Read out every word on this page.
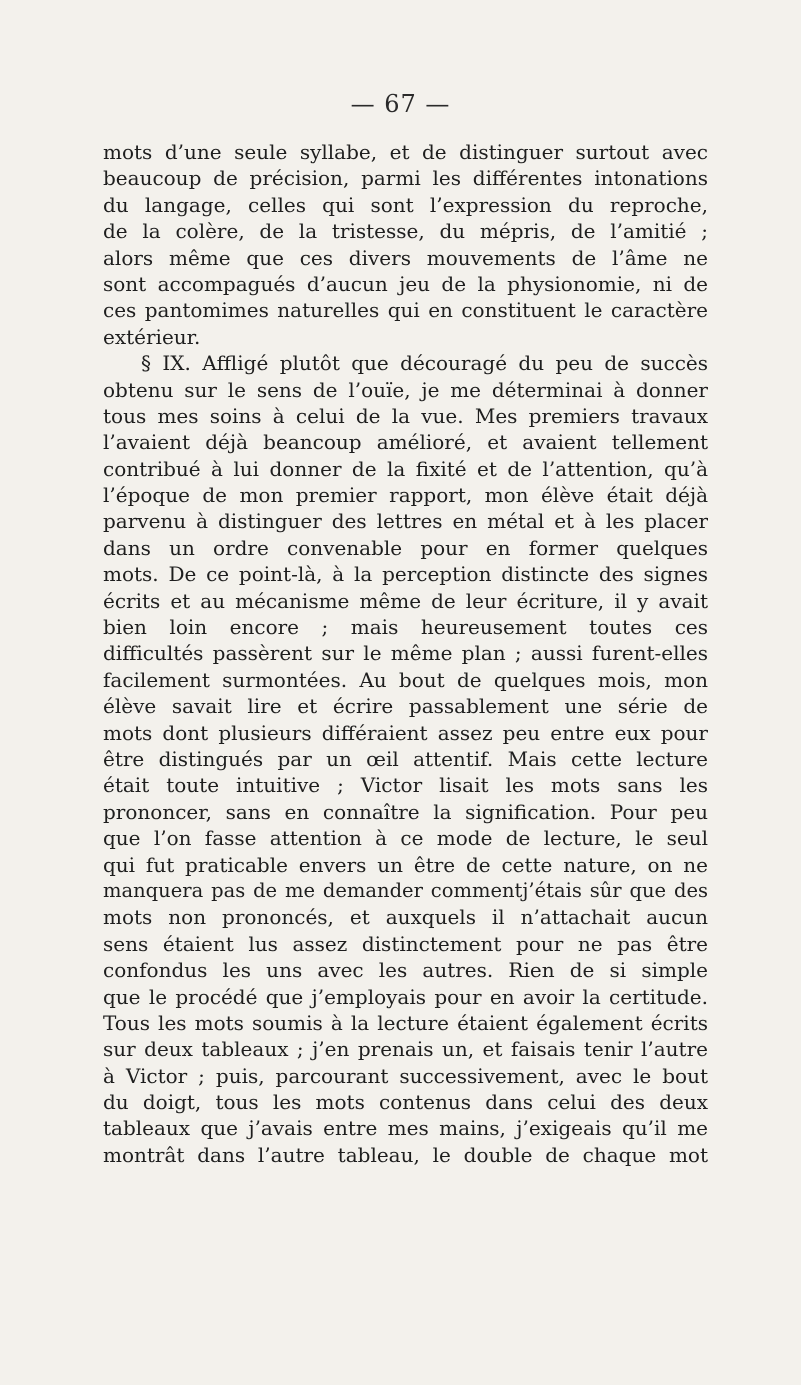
— 67 —

mots d’une seule syllabe, et de distinguer surtout avec
beaucoup de précision, parmi les différentes intonations
du langage, celles qui sont l’expression du reproche,
de la colère, de la tristesse, du mépris, de l’amitié ;
alors même que ces divers mouvements de l’âme ne
sont accompagués d’aucun jeu de la physionomie, ni de
ces pantomimes naturelles qui en constituent le caractère
extérieur.

§ IX. Affligé plutôt que découragé du peu de succès
obtenu sur le sens de l’ouïe, je me déterminai à donner
tous mes soins à celui de la vue. Mes premiers travaux
l’avaient déjà beancoup amélioré, et avaient tellement
contribué à lui donner de la fixité et de l’attention, qu’à
l’époque de mon premier rapport, mon élève était déjà
parvenu à distinguer des lettres en métal et à les placer
dans un ordre convenable pour en former quelques
mots. De ce point-là, à la perception distincte des signes
écrits et au mécanisme même de leur écriture, il y avait
bien loin encore ; mais heureusement toutes ces
difficultés passèrent sur le même plan ; aussi furent-elles
facilement surmontées. Au bout de quelques mois, mon
élève savait lire et écrire passablement une série de
mots dont plusieurs différaient assez peu entre eux pour
être distingués par un œil attentif. Mais cette lecture
était toute intuitive ; Victor lisait les mots sans les
prononcer, sans en connaître la signification. Pour peu
que l’on fasse attention à ce mode de lecture, le seul
qui fut praticable envers un être de cette nature, on ne
manquera pas de me demander commentj’étais sûr que des
mots non prononcés, et auxquels il n’attachait aucun
sens étaient lus assez distinctement pour ne pas être
confondus les uns avec les autres. Rien de si simple
que le procédé que j’employais pour en avoir la certitude.
Tous les mots soumis à la lecture étaient également écrits
sur deux tableaux ; j’en prenais un, et faisais tenir l’autre
à Victor ; puis, parcourant successivement, avec le bout
du doigt, tous les mots contenus dans celui des deux
tableaux que j’avais entre mes mains, j’exigeais qu’il me
montrât dans l’autre tableau, le double de chaque mot
